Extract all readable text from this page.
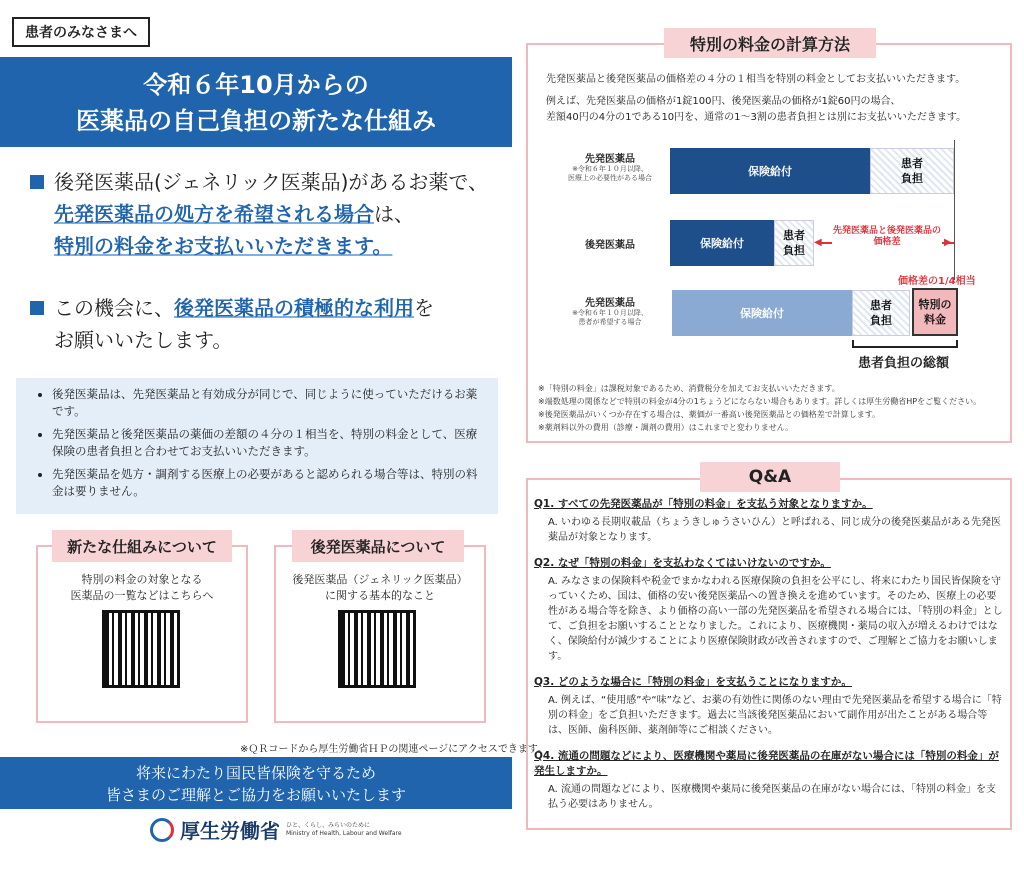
患者のみなさまへ
令和６年10月からの
医薬品の自己負担の新たな仕組み
後発医薬品(ジェネリック医薬品)があるお薬で、
先発医薬品の処方を希望される場合は、
特別の料金をお支払いいただきます。
この機会に、後発医薬品の積極的な利用を
お願いいたします。
• 後発医薬品は、先発医薬品と有効成分が同じで、同じように使っていただけるお薬です。
• 先発医薬品と後発医薬品の薬価の差額の４分の１相当を、特別の料金として、医療保険の患者負担と合わせてお支払いいただきます。
• 先発医薬品を処方・調剤する医療上の必要があると認められる場合等は、特別の料金は要りません。
新たな仕組みについて
特別の料金の対象となる
医薬品の一覧などはこちらへ
後発医薬品について
後発医薬品（ジェネリック医薬品）
に関する基本的なこと
※ＱＲコードから厚生労働省ＨＰの関連ページにアクセスできます。
将来にわたり国民皆保険を守るため
皆さまのご理解とご協力をお願いいたします
厚生労働省 ひと、くらし、みらいのために
Ministry of Health, Labour and Welfare
特別の料金の計算方法
先発医薬品と後発医薬品の価格差の４分の１相当を特別の料金としてお支払いいただきます。
例えば、先発医薬品の価格が1錠100円、後発医薬品の価格が1錠60円の場合、
差額40円の4分の1である10円を、通常の1～3割の患者負担とは別にお支払いいただきます。
先発医薬品
※令和６年１０月以降、
医療上の必要性がある場合	保険給付
患者負担
後発医薬品	保険給付
患者負担
◀	▶
先発医薬品と後発医薬品の価格差
価格差の1/4相当
先発医薬品
※令和６年１０月以降、
患者が希望する場合
保険給付
患者負担
特別の料金
患者負担の総額
※「特別の料金」は課税対象であるため、消費税分を加えてお支払いいただきます。
※端数処理の関係などで特別の料金が4分の1ちょうどにならない場合もあります。詳しくは厚生労働省HPをご覧ください。
※後発医薬品がいくつか存在する場合は、薬価が一番高い後発医薬品との価格差で計算します。
※薬剤料以外の費用（診療・調剤の費用）はこれまでと変わりません。
Q&A
Q1. すべての先発医薬品が「特別の料金」を支払う対象となりますか。
A. いわゆる長期収載品（ちょうきしゅうさいひん）と呼ばれる、同じ成分の後発医薬品がある先発医薬品が対象となります。
Q2. なぜ「特別の料金」を支払わなくてはいけないのですか。
A. みなさまの保険料や税金でまかなわれる医療保険の負担を公平にし、将来にわたり国民皆保険を守っていくため、国は、価格の安い後発医薬品への置き換えを進めています。そのため、医療上の必要性がある場合等を除き、より価格の高い一部の先発医薬品を希望される場合には、「特別の料金」として、ご負担をお願いすることとなりました。これにより、医療機関・薬局の収入が増えるわけではなく、保険給付が減少することにより医療保険財政が改善されますので、ご理解とご協力をお願いします。
Q3. どのような場合に「特別の料金」を支払うことになりますか。
A. 例えば、“使用感”や“味”など、お薬の有効性に関係のない理由で先発医薬品を希望する場合に「特別の料金」をご負担いただきます。過去に当該後発医薬品において副作用が出たことがある場合等は、医師、歯科医師、薬剤師等にご相談ください。
Q4. 流通の問題などにより、医療機関や薬局に後発医薬品の在庫がない場合には「特別の料金」が発生しますか。
A. 流通の問題などにより、医療機関や薬局に後発医薬品の在庫がない場合には、「特別の料金」を支払う必要はありません。
